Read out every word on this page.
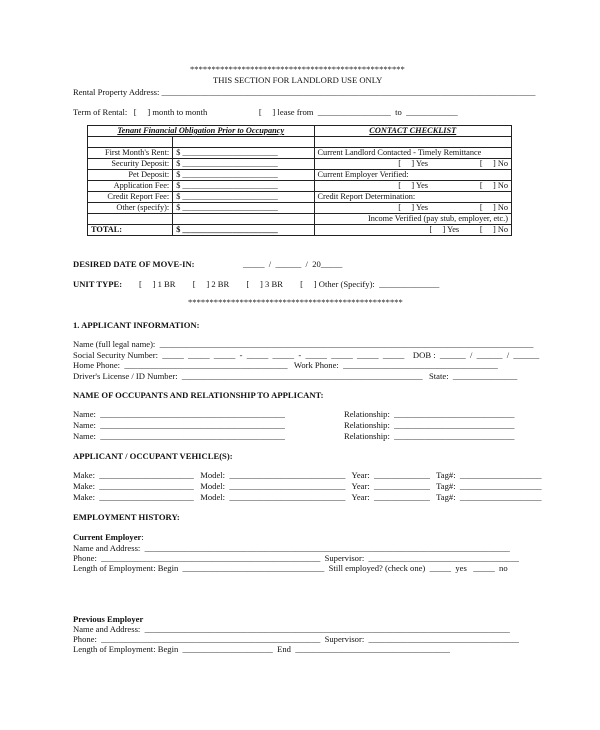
**************************************************
THIS SECTION FOR LANDLORD USE ONLY
Rental Property Address: _______________________________________________________________________________________
Term of Rental:   [     ] month to month                        [     ] lease from  _________________  to  ____________
Tenant Financial Obligation Prior to Occupancy		CONTACT CHECKLIST

First Month's Rent:	$ _______________________	Current Landlord Contacted - Timely Remittance
Security Deposit:	$ _______________________	[     ] Yes                         [     ] No
Pet Deposit:	$ _______________________	Current Employer Verified:
Application Fee:	$ _______________________	[     ] Yes                         [     ] No
Credit Report Fee:	$ _______________________	Credit Report Determination:
Other (specify):	$ _______________________	[     ] Yes                         [     ] No
		Income Verified (pay stub, employer, etc.)
TOTAL:	$ _______________________	[     ] Yes          [     ] No
DESIRED DATE OF MOVE-IN:	_____  /  ______  /  20_____
UNIT TYPE: [     ] 1 BR        [     ] 2 BR        [     ] 3 BR        [     ] Other (Specify):  ______________
**************************************************
1. APPLICANT INFORMATION:
Name (full legal name):  _______________________________________________________________________________________
Social Security Number:  _____  _____  _____  -  _____  _____  -  _____  _____  _____  _____    DOB :  ______  /  ______  /  ______
Home Phone:  ______________________________________   Work Phone:  ____________________________________
Driver's License / ID Number:  ________________________________________________________   State:  _______________
NAME OF OCCUPANTS AND RELATIONSHIP TO APPLICANT:
Name:  ___________________________________________	Relationship:  ____________________________
Name:  ___________________________________________	Relationship:  ____________________________
Name:  ___________________________________________	Relationship:  ____________________________
APPLICANT / OCCUPANT VEHICLE(S):
Make:  ______________________   Model:  ___________________________   Year:  _____________   Tag#:  ___________________
Make:  ______________________   Model:  ___________________________   Year:  _____________   Tag#:  ___________________
Make:  ______________________   Model:  ___________________________   Year:  _____________   Tag#:  ___________________
EMPLOYMENT HISTORY:
Current Employer:
Name and Address:  _____________________________________________________________________________________
Phone:  ___________________________________________________  Supervisor:  ___________________________________
Length of Employment: Begin  _________________________________  Still employed? (check one)  _____  yes   _____  no
Previous Employer
Name and Address:  _____________________________________________________________________________________
Phone:  ___________________________________________________  Supervisor:  ___________________________________
Length of Employment: Begin  _____________________  End  ____________________________________
